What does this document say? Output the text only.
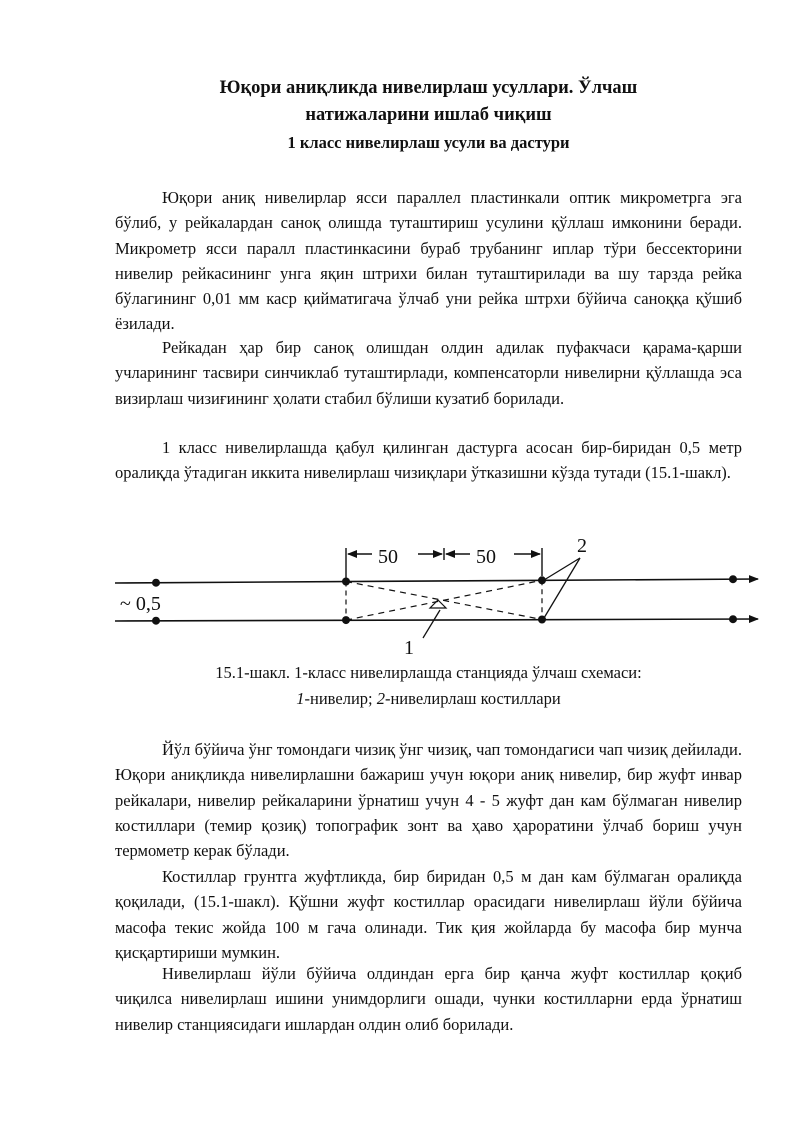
Юқори аниқликда нивелирлаш усуллари. Ўлчаш
натижаларини ишлаб чиқиш
1 класс нивелирлаш усули ва дастури

Юқори аниқ нивелирлар ясси параллел пластинкали оптик микрометрга эга бўлиб, у рейкалардан саноқ олишда туташтириш усулини қўллаш имконини беради. Микрометр ясси паралл пластинкасини бураб трубанинг иплар тўри бессекторини нивелир рейкасининг унга яқин штрихи билан туташтирилади ва шу тарзда рейка бўлагининг 0,01 мм каср қийматигача ўлчаб уни рейка штрхи бўйича саноққа қўшиб ёзилади.

Рейкадан ҳар бир саноқ олишдан олдин адилак пуфакчаси қарама-қарши учларининг тасвири синчиклаб туташтирлади, компенсаторли нивелирни қўллашда эса визирлаш чизиғининг ҳолати стабил бўлиши кузатиб борилади.

1 класс нивелирлашда қабул қилинган дастурга асосан бир-биридан 0,5 метр оралиқда ўтадиган иккита нивелирлаш чизиқлари ўтказишни кўзда тутади (15.1-шакл).

50	50	2
1
~ 0,5
15.1-шакл. 1-класс нивелирлашда станцияда ўлчаш схемаси:
1-нивелир; 2-нивелирлаш костиллари

Йўл бўйича ўнг томондаги чизиқ ўнг чизиқ, чап томондагиси чап чизиқ дейилади. Юқори аниқликда нивелирлашни бажариш учун юқори аниқ нивелир, бир жуфт инвар рейкалари, нивелир рейкаларини ўрнатиш учун 4 - 5 жуфт дан кам бўлмаган нивелир костиллари (темир қозиқ) топографик зонт ва ҳаво ҳароратини ўлчаб бориш учун термометр керак бўлади.

Костиллар грунтга жуфтликда, бир биридан 0,5 м дан кам бўлмаган оралиқда қоқилади, (15.1-шакл). Қўшни жуфт костиллар орасидаги нивелирлаш йўли бўйича масофа текис жойда 100 м гача олинади. Тик қия жойларда бу масофа бир мунча қисқартириши мумкин.

Нивелирлаш йўли бўйича олдиндан ерга бир қанча жуфт костиллар қоқиб чиқилса нивелирлаш ишини унимдорлиги ошади, чунки костилларни ерда ўрнатиш нивелир станциясидаги ишлардан олдин олиб борилади.
